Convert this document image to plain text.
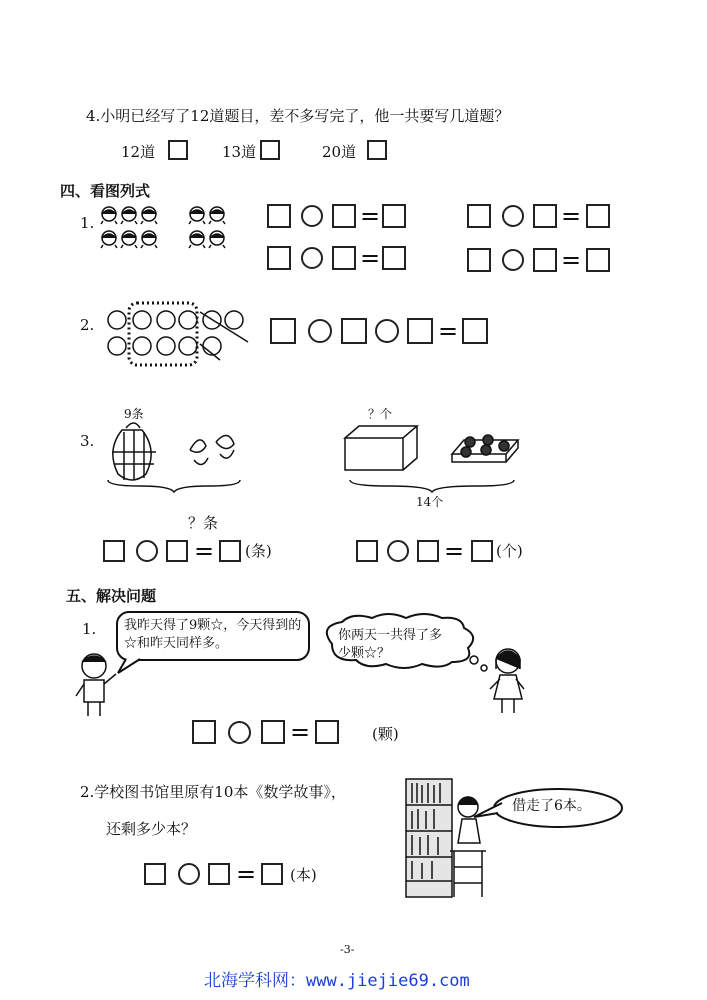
4.小明已经写了12道题目，差不多写完了，他一共要写几道题？
12道	13道	20道
四、看图列式
1.	=
=
=
=
2.	=
3.
9条
？条
？个
14个
= (条)	= (个)
五、解决问题
1. 我昨天得了9颗☆，今天得到的☆和昨天同样多。
你两天一共得了多少颗☆？
=	(颗)
2.学校图书馆里原有10本《数学故事》，
还剩多少本？
借走了6本。
= (本)
-3-
北海学科网：www.jiejie69.com
